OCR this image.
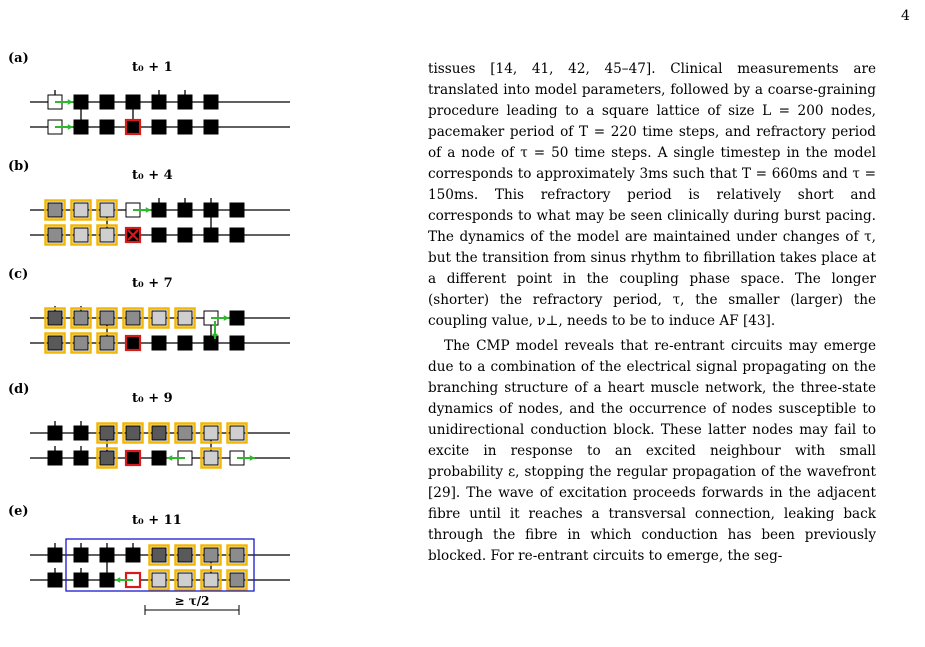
4
(a)
t₀ + 1
(b)
t₀ + 4
(c)
t₀ + 7
(d)
t₀ + 9
(e)
t₀ + 11
≥ τ/2

tissues [14, 41, 42, 45–47]. Clinical measurements are translated into model parameters, followed by a coarse-graining procedure leading to a square lattice of size L = 200 nodes, pacemaker period of T = 220 time steps, and refractory period of a node of τ = 50 time steps. A single timestep in the model corresponds to approximately 3ms such that T = 660ms and τ = 150ms. This refractory period is relatively short and corresponds to what may be seen clinically during burst pacing. The dynamics of the model are maintained under changes of τ, but the transition from sinus rhythm to fibrillation takes place at a different point in the coupling phase space. The longer (shorter) the refractory period, τ, the smaller (larger) the coupling value, ν⊥, needs to be to induce AF [43].

The CMP model reveals that re-entrant circuits may emerge due to a combination of the electrical signal propagating on the branching structure of a heart muscle network, the three-state dynamics of nodes, and the occurrence of nodes susceptible to unidirectional conduction block. These latter nodes may fail to excite in response to an excited neighbour with small probability ε, stopping the regular propagation of the wavefront [29]. The wave of excitation proceeds forwards in the adjacent fibre until it reaches a transversal connection, leaking back through the fibre in which conduction has been previously blocked. For re-entrant circuits to emerge, the seg-
